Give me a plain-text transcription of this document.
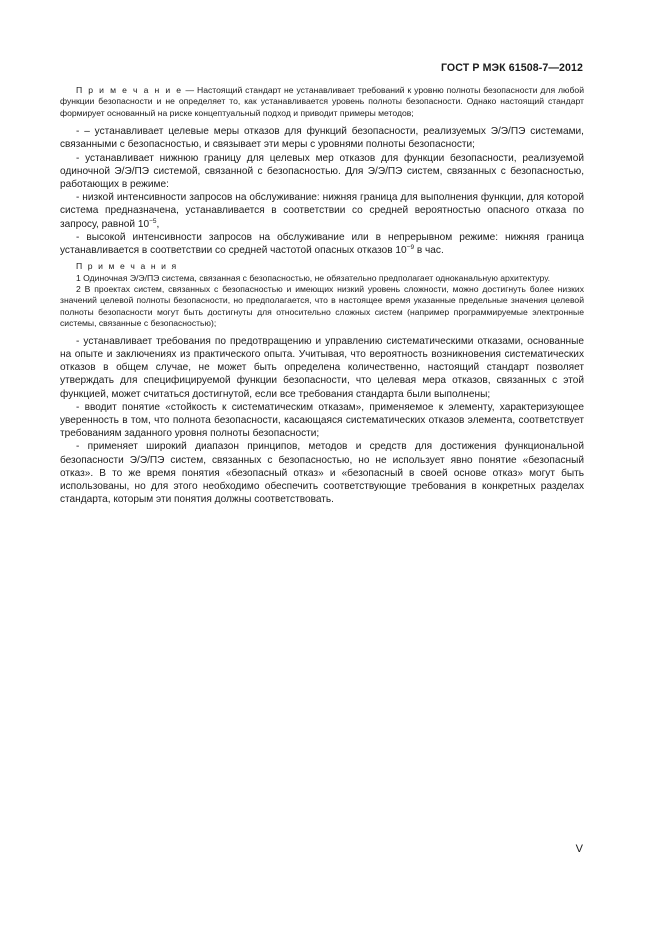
ГОСТ Р МЭК 61508-7—2012

П р и м е ч а н и е — Настоящий стандарт не устанавливает требований к уровню полноты безопасности для любой функции безопасности и не определяет то, как устанавливается уровень полноты безопасности. Однако настоящий стандарт формирует основанный на риске концептуальный подход и приводит примеры методов;

- – устанавливает целевые меры отказов для функций безопасности, реализуемых Э/Э/ПЭ системами, связанными с безопасностью, и связывает эти меры с уровнями полноты безопасности;

- устанавливает нижнюю границу для целевых мер отказов для функции безопасности, реализуемой одиночной Э/Э/ПЭ системой, связанной с безопасностью. Для Э/Э/ПЭ систем, связанных с безопасностью, работающих в режиме:

- низкой интенсивности запросов на обслуживание: нижняя граница для выполнения функции, для которой система предназначена, устанавливается в соответствии со средней вероятностью опасного отказа по запросу, равной $10^{-5}$,

- высокой интенсивности запросов на обслуживание или в непрерывном режиме: нижняя граница устанавливается в соответствии со средней частотой опасных отказов $10^{-9}$ в час.

П р и м е ч а н и я

1 Одиночная Э/Э/ПЭ система, связанная с безопасностью, не обязательно предполагает одноканальную архитектуру.

2 В проектах систем, связанных с безопасностью и имеющих низкий уровень сложности, можно достигнуть более низких значений целевой полноты безопасности, но предполагается, что в настоящее время указанные предельные значения целевой полноты безопасности могут быть достигнуты для относительно сложных систем (например программируемые электронные системы, связанные с безопасностью);

- устанавливает требования по предотвращению и управлению систематическими отказами, основанные на опыте и заключениях из практического опыта. Учитывая, что вероятность возникновения систематических отказов в общем случае, не может быть определена количественно, настоящий стандарт позволяет утверждать для специфицируемой функции безопасности, что целевая мера отказов, связанных с этой функцией, может считаться достигнутой, если все требования стандарта были выполнены;

- вводит понятие «стойкость к систематическим отказам», применяемое к элементу, характеризующее уверенность в том, что полнота безопасности, касающаяся систематических отказов элемента, соответствует требованиям заданного уровня полноты безопасности;

- применяет широкий диапазон принципов, методов и средств для достижения функциональной безопасности Э/Э/ПЭ систем, связанных с безопасностью, но не использует явно понятие «безопасный отказ». В то же время понятия «безопасный отказ» и «безопасный в своей основе отказ» могут быть использованы, но для этого необходимо обеспечить соответствующие требования в конкретных разделах стандарта, которым эти понятия должны соответствовать.

V
